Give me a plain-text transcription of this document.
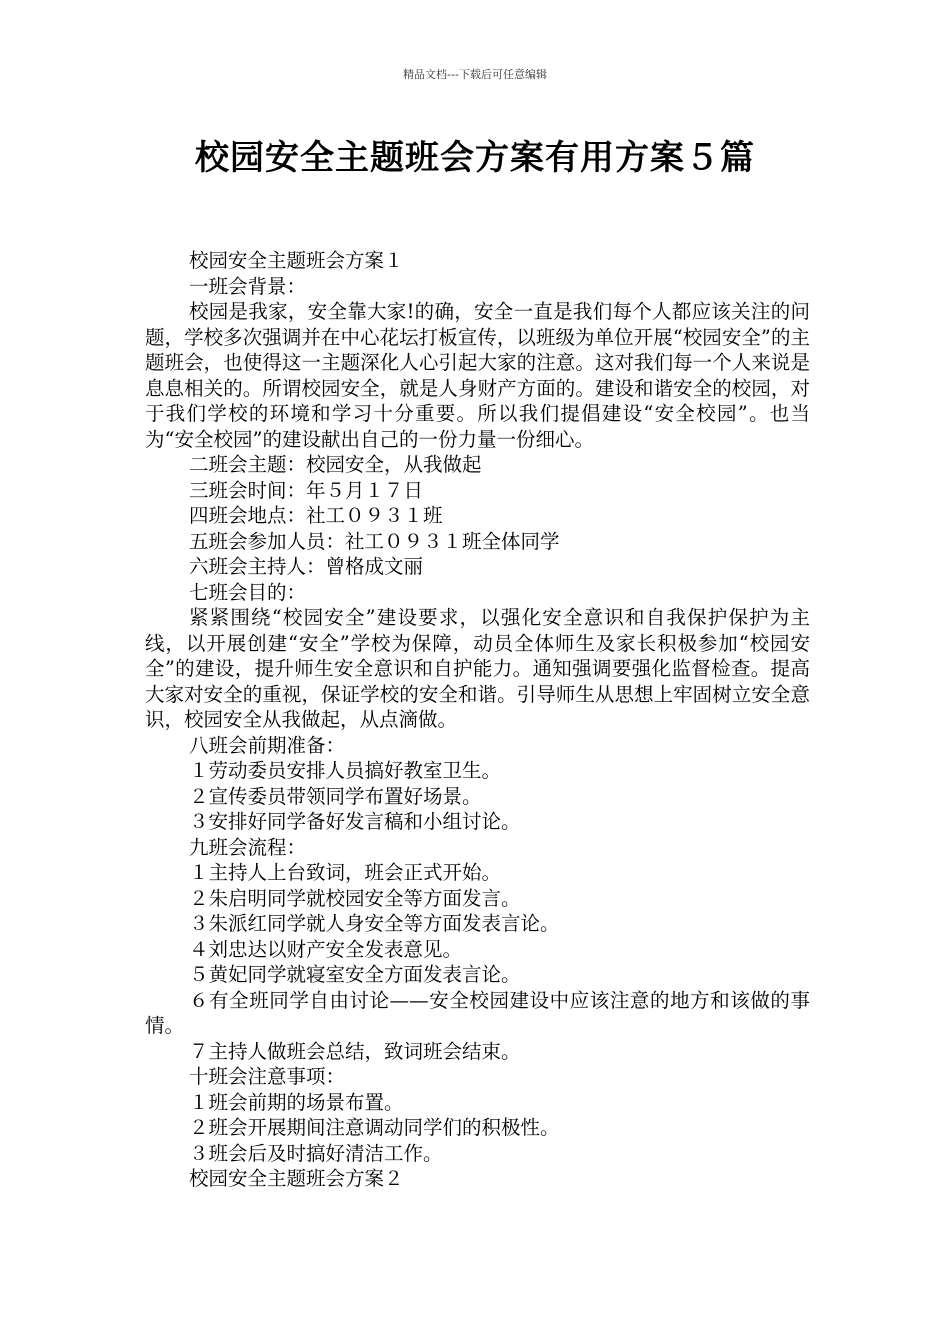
精品文档---下载后可任意编辑
校园安全主题班会方案有用方案５篇

校园安全主题班会方案１

一班会背景：

校园是我家，安全靠大家!的确，安全一直是我们每个人都应该关注的问题，学校多次强调并在中心花坛打板宣传，以班级为单位开展“校园安全”的主题班会，也使得这一主题深化人心引起大家的注意。这对我们每一个人来说是息息相关的。所谓校园安全，就是人身财产方面的。建设和谐安全的校园，对于我们学校的环境和学习十分重要。所以我们提倡建设“安全校园”。也当为“安全校园”的建设献出自己的一份力量一份细心。

二班会主题：校园安全，从我做起

三班会时间：年５月１７日

四班会地点：社工０９３１班

五班会参加人员：社工０９３１班全体同学

六班会主持人：曾格成文丽

七班会目的：

紧紧围绕“校园安全”建设要求，以强化安全意识和自我保护保护为主线，以开展创建“安全”学校为保障，动员全体师生及家长积极参加“校园安全”的建设，提升师生安全意识和自护能力。通知强调要强化监督检查。提高大家对安全的重视，保证学校的安全和谐。引导师生从思想上牢固树立安全意识，校园安全从我做起，从点滴做。

八班会前期准备：

１劳动委员安排人员搞好教室卫生。

２宣传委员带领同学布置好场景。

３安排好同学备好发言稿和小组讨论。

九班会流程：

１主持人上台致词，班会正式开始。

２朱启明同学就校园安全等方面发言。

３朱派红同学就人身安全等方面发表言论。

４刘忠达以财产安全发表意见。

５黄妃同学就寝室安全方面发表言论。

６有全班同学自由讨论——安全校园建设中应该注意的地方和该做的事情。

７主持人做班会总结，致词班会结束。

十班会注意事项：

１班会前期的场景布置。

２班会开展期间注意调动同学们的积极性。

３班会后及时搞好清洁工作。

校园安全主题班会方案２
